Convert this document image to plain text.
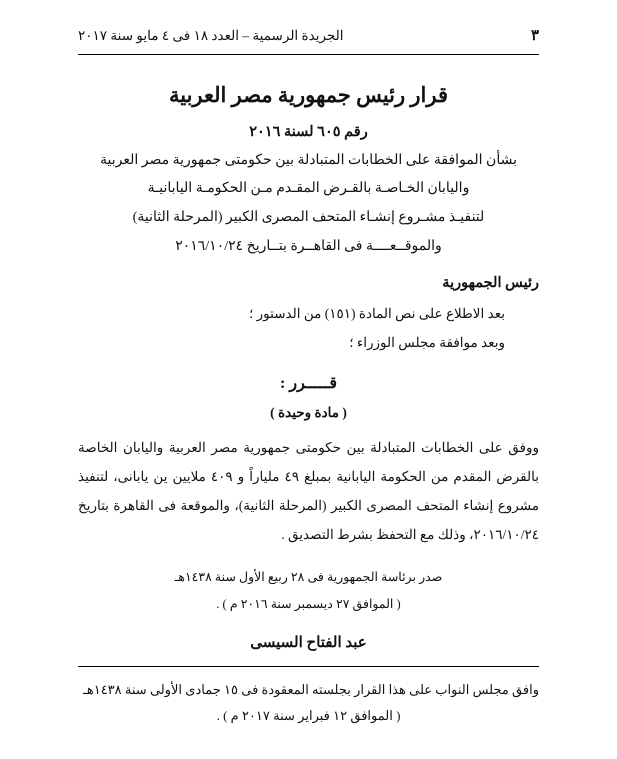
الجريدة الرسمية – العدد ١٨ فى ٤ مايو سنة ٢٠١٧	٣
قرار رئيس جمهورية مصر العربية
رقم ٦٠٥ لسنة ٢٠١٦
بشأن الموافقة على الخطابات المتبادلة بين حكومتى جمهورية مصر العربية
واليابان الخـاصـة بالقـرض المقـدم مـن الحكومـة اليابانيـة
لتنفيـذ مشـروع إنشـاء المتحف المصرى الكبير (المرحلة الثانية)
والموقــعــــة فى القاهــرة بتــاريخ ٢٠١٦/١٠/٢٤
رئيس الجمهورية
بعد الاطلاع على نص المادة (١٥١) من الدستور ؛
وبعد موافقة مجلس الوزراء ؛
قـــــرر :
( مادة وحيدة )
ووفق على الخطابات المتبادلة بين حكومتى جمهورية مصر العربية واليابان الخاصة بالقرض المقدم من الحكومة اليابانية بمبلغ ٤٩ ملياراً و ٤٠٩ ملايين ين يابانى، لتنفيذ مشروع إنشاء المتحف المصرى الكبير (المرحلة الثانية)، والموقعة فى القاهرة بتاريخ ٢٠١٦/١٠/٢٤، وذلك مع التحفظ بشرط التصديق .
صدر برئاسة الجمهورية فى ٢٨ ربيع الأول سنة ١٤٣٨هـ
( الموافق ٢٧ ديسمبر سنة ٢٠١٦ م ) .
عبد الفتاح السيسى
وافق مجلس النواب على هذا القرار بجلسته المعقودة فى ١٥ جمادى الأولى سنة ١٤٣٨هـ
( الموافق ١٢ فبراير سنة ٢٠١٧ م ) .
